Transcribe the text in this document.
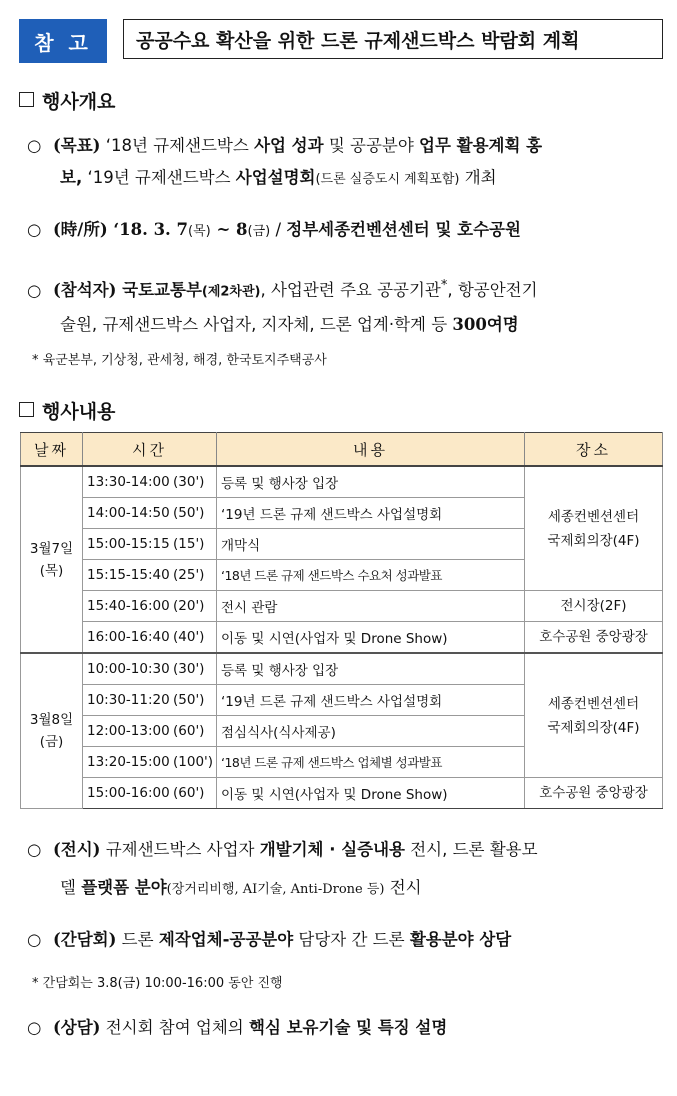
참 고	공공수요 확산을 위한 드론 규제샌드박스 박람회 계획
행사개요
○ (목표) ‘18년 규제샌드박스 사업 성과 및 공공분야 업무 활용계획 홍
보, ‘19년 규제샌드박스 사업설명회(드론 실증도시 계획포함) 개최
○ (時/所) ‘18. 3. 7(목) ~ 8(금) / 정부세종컨벤션센터 및 호수공원
○ (참석자) 국토교통부(제2차관), 사업관련 주요 공공기관*, 항공안전기
술원, 규제샌드박스 사업자, 지자체, 드론 업계·학계 등 300여명
* 육군본부, 기상청, 관세청, 해경, 한국토지주택공사
행사내용
날짜	시간	내용	장소
3월7일
(목)	13:30-14:00 (30')	등록 및 행사장 입장	세종컨벤션센터
국제회의장(4F)
	14:00-14:50 (50')	‘19년 드론 규제 샌드박스 사업설명회	
	15:00-15:15 (15')	개막식	
	15:15-15:40 (25')	‘18년 드론 규제 샌드박스 수요처 성과발표	
	15:40-16:00 (20')	전시 관람	전시장(2F)
	16:00-16:40 (40')	이동 및 시연(사업자 및 Drone Show)	호수공원 중앙광장
3월8일
(금)	10:00-10:30 (30')	등록 및 행사장 입장	세종컨벤션센터
국제회의장(4F)
	10:30-11:20 (50')	‘19년 드론 규제 샌드박스 사업설명회	
	12:00-13:00 (60')	점심식사(식사제공)	
	13:20-15:00 (100')	‘18년 드론 규제 샌드박스 업체별 성과발표	
	15:00-16:00 (60')	이동 및 시연(사업자 및 Drone Show)	호수공원 중앙광장
○ (전시) 규제샌드박스 사업자 개발기체 · 실증내용 전시, 드론 활용모
델 플랫폼 분야(장거리비행, AI기술, Anti-Drone 등) 전시
○ (간담회) 드론 제작업체-공공분야 담당자 간 드론 활용분야 상담
* 간담회는 3.8(금) 10:00-16:00 동안 진행
○ (상담) 전시회 참여 업체의 핵심 보유기술 및 특징 설명
